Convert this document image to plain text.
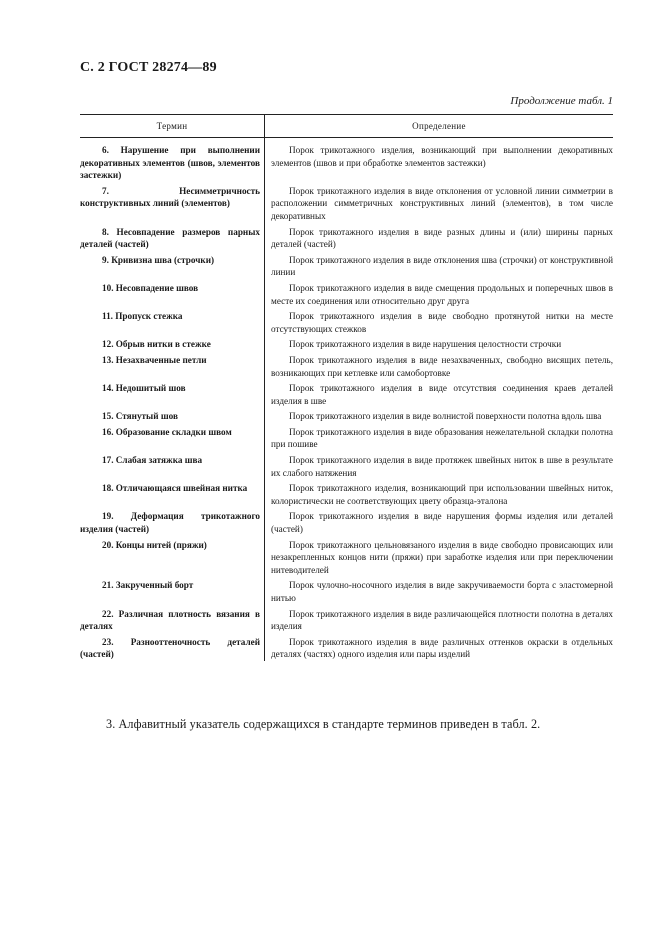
С. 2 ГОСТ 28274—89
Продолжение табл. 1
Термин	Определение
6. Нарушение при выполнении декоративных элементов (швов, элементов застежки)	Порок трикотажного изделия, возникающий при выполнении декоративных элементов (швов и при обработке элементов застежки)
7. Несимметричность конструктивных линий (элементов)	Порок трикотажного изделия в виде отклонения от условной линии симметрии в расположении симметричных конструктивных линий (элементов), в том числе декоративных
8. Несовпадение размеров парных деталей (частей)	Порок трикотажного изделия в виде разных длины и (или) ширины парных деталей (частей)
9. Кривизна шва (строчки)	Порок трикотажного изделия в виде отклонения шва (строчки) от конструктивной линии
10. Несовпадение швов	Порок трикотажного изделия в виде смещения продольных и поперечных швов в месте их соединения или относительно друг друга
11. Пропуск стежка	Порок трикотажного изделия в виде свободно протянутой нитки на месте отсутствующих стежков
12. Обрыв нитки в стежке	Порок трикотажного изделия в виде нарушения целостности строчки
13. Незахваченные петли	Порок трикотажного изделия в виде незахваченных, свободно висящих петель, возникающих при кетлевке или самобортовке
14. Недошитый шов	Порок трикотажного изделия в виде отсутствия соединения краев деталей изделия в шве
15. Стянутый шов	Порок трикотажного изделия в виде волнистой поверхности полотна вдоль шва
16. Образование складки швом	Порок трикотажного изделия в виде образования нежелательной складки полотна при пошиве
17. Слабая затяжка шва	Порок трикотажного изделия в виде протяжек швейных ниток в шве в результате их слабого натяжения
18. Отличающаяся швейная нитка	Порок трикотажного изделия, возникающий при использовании швейных ниток, колористически не соответствующих цвету образца-эталона
19. Деформация трикотажного изделия (частей)	Порок трикотажного изделия в виде нарушения формы изделия или деталей (частей)
20. Концы нитей (пряжи)	Порок трикотажного цельновязаного изделия в виде свободно провисающих или незакрепленных концов нити (пряжи) при заработке изделия или при переключении нитеводителей
21. Закрученный борт	Порок чулочно-носочного изделия в виде закручиваемости борта с эластомерной нитью
22. Различная плотность вязания в деталях	Порок трикотажного изделия в виде различающейся плотности полотна в деталях изделия
23. Разнооттеночность деталей (частей)	Порок трикотажного изделия в виде различных оттенков окраски в отдельных деталях (частях) одного изделия или пары изделий
3. Алфавитный указатель содержащихся в стандарте терминов приведен в табл. 2.
